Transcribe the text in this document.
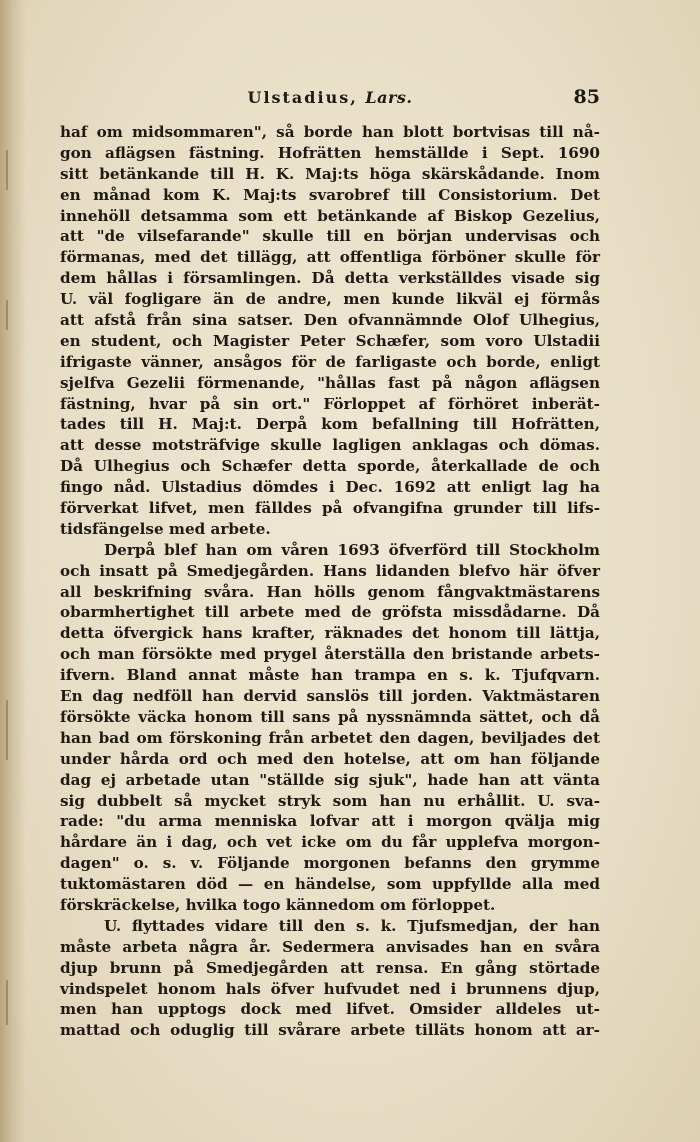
Ulstadius, Lars.	85
haf om midsommaren", så borde han blott bortvisas till nå-
gon aflägsen fästning. Hofrätten hemställde i Sept. 1690
sitt betänkande till H. K. Maj:ts höga skärskådande. Inom
en månad kom K. Maj:ts svarobref till Consistorium. Det
innehöll detsamma som ett betänkande af Biskop Gezelius,
att "de vilsefarande" skulle till en början undervisas och
förmanas, med det tillägg, att offentliga förböner skulle för
dem hållas i församlingen. Då detta verkställdes visade sig
U. väl fogligare än de andre, men kunde likväl ej förmås
att afstå från sina satser. Den ofvannämnde Olof Ulhegius,
en student, och Magister Peter Schæfer, som voro Ulstadii
ifrigaste vänner, ansågos för de farligaste och borde, enligt
sjelfva Gezelii förmenande, "hållas fast på någon aflägsen
fästning, hvar på sin ort." Förloppet af förhöret inberät-
tades till H. Maj:t. Derpå kom befallning till Hofrätten,
att desse motsträfvige skulle lagligen anklagas och dömas.
Då Ulhegius och Schæfer detta sporde, återkallade de och
fingo nåd. Ulstadius dömdes i Dec. 1692 att enligt lag ha
förverkat lifvet, men fälldes på ofvangifna grunder till lifs-
tidsfängelse med arbete.
Derpå blef han om våren 1693 öfverförd till Stockholm
och insatt på Smedjegården. Hans lidanden blefvo här öfver
all beskrifning svåra. Han hölls genom fångvaktmästarens
obarmhertighet till arbete med de gröfsta missdådarne. Då
detta öfvergick hans krafter, räknades det honom till lättja,
och man försökte med prygel återställa den bristande arbets-
ifvern. Bland annat måste han trampa en s. k. Tjufqvarn.
En dag nedföll han dervid sanslös till jorden. Vaktmästaren
försökte väcka honom till sans på nyssnämnda sättet, och då
han bad om förskoning från arbetet den dagen, beviljades det
under hårda ord och med den hotelse, att om han följande
dag ej arbetade utan "ställde sig sjuk", hade han att vänta
sig dubbelt så mycket stryk som han nu erhållit. U. sva-
rade: "du arma menniska lofvar att i morgon qvälja mig
hårdare än i dag, och vet icke om du får upplefva morgon-
dagen" o. s. v. Följande morgonen befanns den grymme
tuktomästaren död — en händelse, som uppfyllde alla med
förskräckelse, hvilka togo kännedom om förloppet.
U. flyttades vidare till den s. k. Tjufsmedjan, der han
måste arbeta några år. Sedermera anvisades han en svåra
djup brunn på Smedjegården att rensa. En gång störtade
vindspelet honom hals öfver hufvudet ned i brunnens djup,
men han upptogs dock med lifvet. Omsider alldeles ut-
mattad och oduglig till svårare arbete tilläts honom att ar-
